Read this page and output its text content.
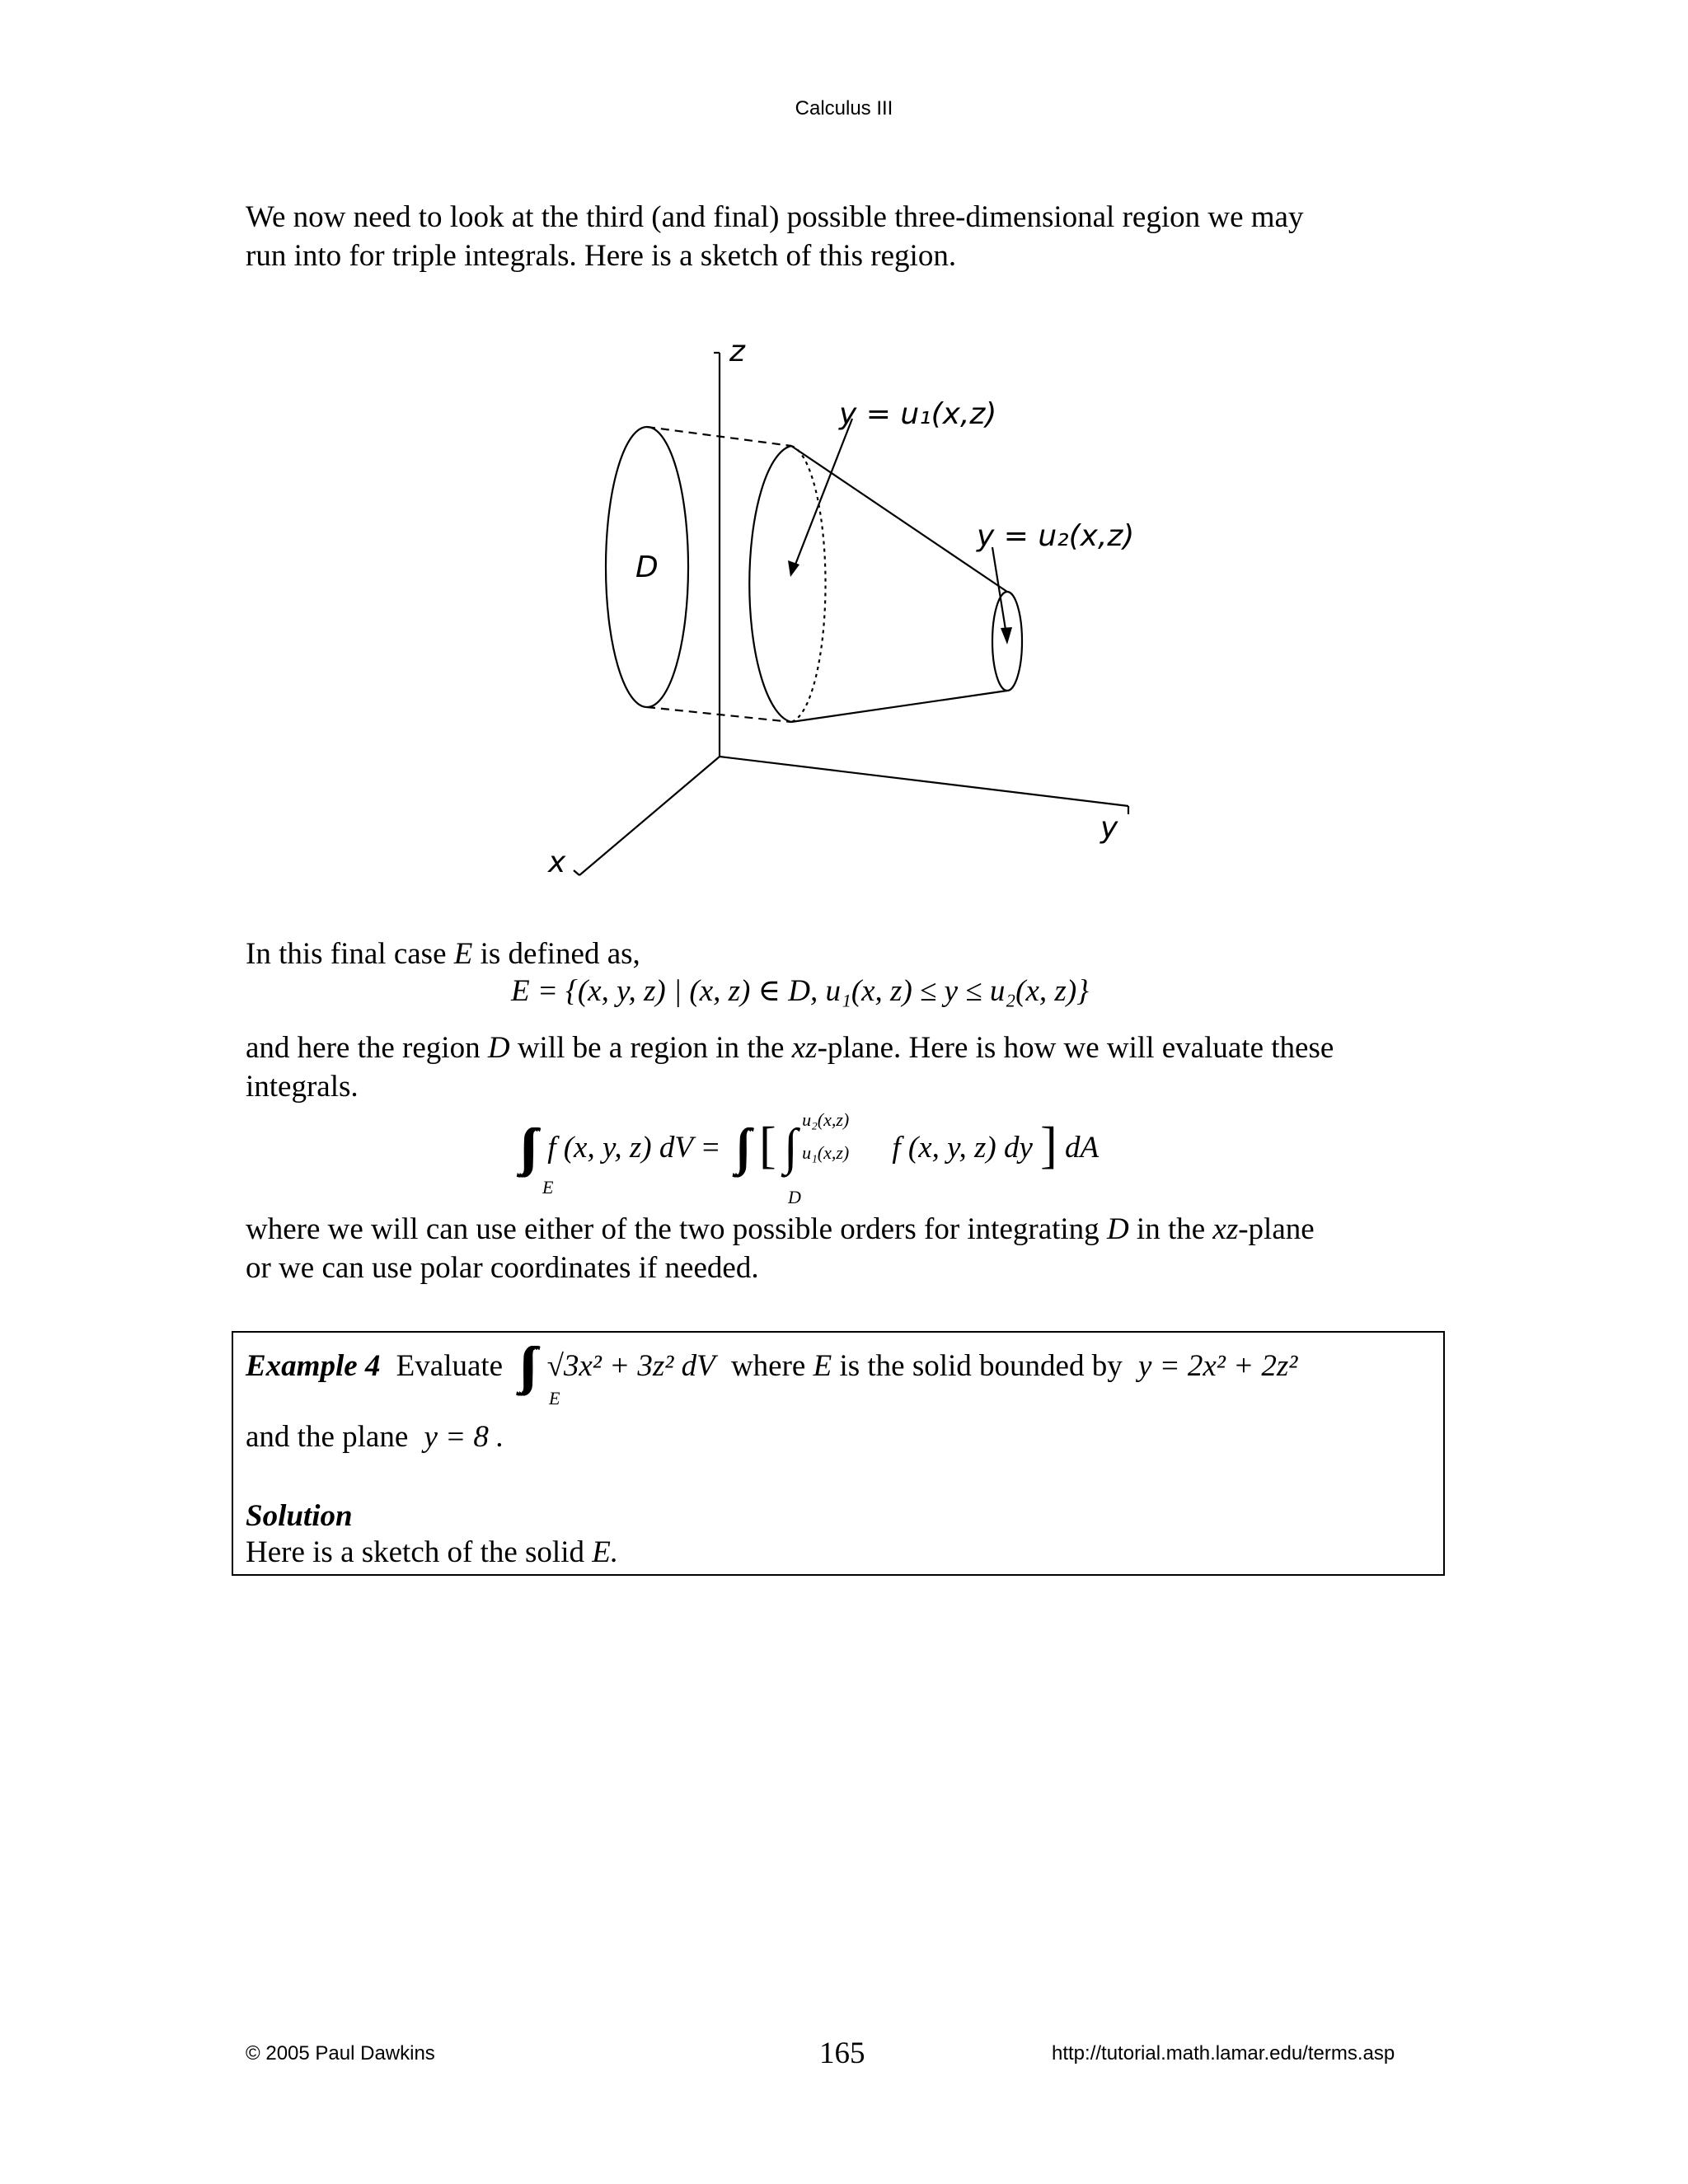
Calculus III
We now need to look at the third (and final) possible three-dimensional region we may
run into for triple integrals. Here is a sketch of this region.
z
y
x
D
y = u₁(x,z)
y = u₂(x,z)
In this final case E is defined as,
E = {(x, y, z) | (x, z) ∈ D, u₁(x, z) ≤ y ≤ u₂(x, z)}
and here the region D will be a region in the xz-plane. Here is how we will evaluate these
integrals.
∫∫∫ f (x, y, z) dV = ∫∫ [ ∫ u₂(x,z)
u₁(x,z) f (x, y, z) dy ] dA
E	D
where we will can use either of the two possible orders for integrating D in the xz-plane
or we can use polar coordinates if needed.
Example 4 Evaluate ∫∫∫ √3x² + 3z² dV where E is the solid bounded by y = 2x² + 2z²
E
and the plane y = 8 .
Solution
Here is a sketch of the solid E.
© 2005 Paul Dawkins	165	http://tutorial.math.lamar.edu/terms.asp
